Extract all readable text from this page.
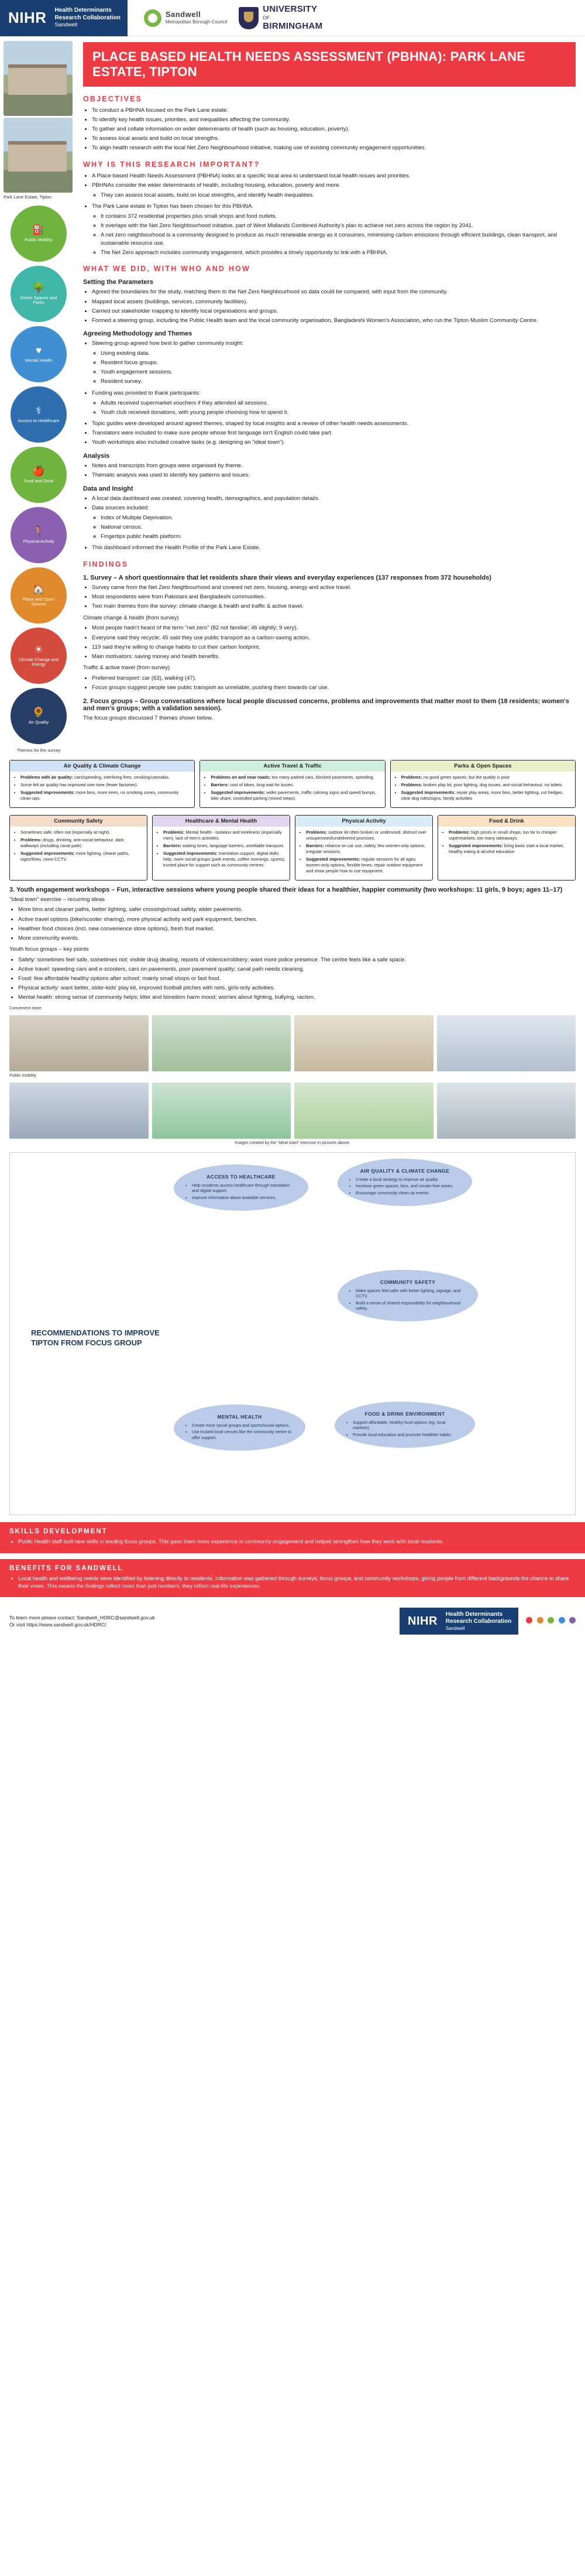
NIHR	Health Determinants
Research Collaboration
Sandwell
Sandwell
Metropolitan Borough Council
UNIVERSITY
OF
BIRMINGHAM
Park Lane Estate, Tipton
⛽
Public Mobility
🌳
Green Spaces and Parks
♥
Mental Health
⚕
Access to Healthcare
🍎
Food and Drink
🚶
Physical Activity
🏠
Place and Open Spaces
☀
Climate Change and Energy
🌻
Air Quality
Themes for the survey
PLACE BASED HEALTH NEEDS ASSESSMENT (PBHNA): PARK LANE ESTATE, TIPTON
OBJECTIVES
• To conduct a PBHNA focused on the Park Lane estate.
• To identify key health issues, priorities, and inequalities affecting the community.
• To gather and collate information on wider determinants of health (such as housing, education, poverty).
• To assess local assets and build on local strengths.
• To align health research with the local Net Zero Neighbourhood initiative, making use of existing community engagement opportunities.
WHY IS THIS RESEARCH IMPORTANT?
• A Place-based Health Needs Assessment (PBHNA) looks at a specific local area to understand local health issues and priorities.
• PBHNAs consider the wider determinants of health, including housing, education, poverty and more.
◦ They can assess local assets, build on local strengths, and identify health inequalities.
• The Park Lane estate in Tipton has been chosen for this PBHNA.
◦ It contains 372 residential properties plus small shops and food outlets.
◦ It overlaps with the Net Zero Neighbourhood initiative, part of West Midlands Combined Authority's plan to achieve net zero across the region by 2041.
◦ A net zero neighbourhood is a community designed to produce as much renewable energy as it consumes, minimising carbon emissions through efficient buildings, clean transport, and sustainable resource use.
◦ The Net Zero approach includes community engagement, which provides a timely opportunity to link with a PBHNA.
WHAT WE DID, WITH WHO AND HOW
Setting the Parameters
• Agreed the boundaries for the study, matching them to the Net Zero Neighbourhood so data could be compared, with input from the community.
• Mapped local assets (buildings, services, community facilities).
• Carried out stakeholder mapping to identify local organisations and groups.
• Formed a steering group, including the Public Health team and the local community organisation, Bangladeshi Women's Association, who run the Tipton Muslim Community Centre.
Agreeing Methodology and Themes
• Steering group agreed how best to gather community insight:
◦ Using existing data.
◦ Resident focus groups.
◦ Youth engagement sessions.
◦ Resident survey.
• Funding was provided to thank participants:
◦ Adults received supermarket vouchers if they attended all sessions.
◦ Youth club received donations, with young people choosing how to spend it.
• Topic guides were developed around agreed themes, shaped by local insights and a review of other health needs assessments.
• Translators were included to make sure people whose first language isn't English could take part.
• Youth workshops also included creative tasks (e.g. designing an "ideal town").
Analysis
• Notes and transcripts from groups were organised by theme.
• Thematic analysis was used to identify key patterns and issues.
Data and Insight
• A local data dashboard was created, covering health, demographics, and population details.
• Data sources included:
◦ Index of Multiple Deprivation.
◦ National census.
◦ Fingertips public health platform.
• This dashboard informed the Health Profile of the Park Lane Estate.
FINDINGS
1. Survey – A short questionnaire that let residents share their views and everyday experiences (137 responses from 372 households)
• Survey came from the Net Zero Neighbourhood and covered net zero, housing, energy and active travel.
• Most respondents were from Pakistani and Bangladeshi communities.
• Two main themes from the survey: climate change & health and traffic & active travel.

Climate change & health (from survey)

• Most people hadn't heard of the term "net zero" (82 not familiar; 46 slightly; 9 very).
• Everyone said they recycle; 45 said they use public transport as a carbon-saving action.
• 119 said they're willing to change habits to cut their carbon footprint.
• Main motivators: saving money and health benefits.

Traffic & active travel (from survey)

• Preferred transport: car (63), walking (47).
• Focus groups suggest people see public transport as unreliable, pushing them towards car use.
2. Focus groups – Group conversations where local people discussed concerns, problems and improvements that matter most to them (18 residents; women's and men's groups; with a validation session).

The focus groups discussed 7 themes shown below.

Air Quality & Climate Change
• Problems with air quality: cars/speeding, interlining fires, smoking/cannabis.
• Some felt air quality has improved over time (fewer factories).
• Suggested improvements: more bins, more trees, no smoking zones, community clean-ups.
Active Travel & Traffic
• Problems on and near roads: too many parked cars, blocked pavements, speeding.
• Barriers: cost of bikes, long wait for buses.
• Suggested improvements: wider pavements, traffic calming signs and speed bumps, bike share, controlled parking (mixed views).
Parks & Open Spaces
• Problems: no good green spaces, but the quality is poor
• Problems: broken play kit, poor lighting, dog issues, anti-social behaviour, no toilets.
• Suggested improvements: repair play areas, more bins, better lighting, cut hedges, clear dog rules/signs, family activities
Community Safety
• Sometimes safe, often not (especially at night).
• Problems: drugs, drinking, anti-social behaviour, dark walkways (including canal path).
• Suggested improvements: more lighting, clearer paths, signs/fines, more CCTV.
Healthcare & Mental Health
• Problems: Mental health - isolation and loneliness (especially men), lack of men's activities.
• Barriers: waiting times, language barriers, unreliable transport.
• Suggested improvements: translation support, digital skills help, more social groups (park events, coffee mornings, sports), trusted place for support such as community centres.
Physical Activity
• Problems: outdoor kit often broken or underused, distrust over unsupervised/undelivered promises.
• Barriers: reliance on car use, safety, few women-only options, irregular sessions.
• Suggested improvements: regular sessions for all ages, women-only options, flexible times, repair outdoor equipment and show people how to use equipment.
Food & Drink
• Problems: high prices in small shops, too far to cheaper supermarkets, too many takeaways.
• Suggested improvements: bring basic start a local market, healthy eating & alcohol education
3. Youth engagement workshops – Fun, interactive sessions where young people shared their ideas for a healthier, happier community (two workshops: 11 girls, 9 boys; ages 11–17)

"Ideal town" exercise – recurring ideas

• More bins and cleaner paths, better lighting, safer crossings/road safety, wider pavements.
• Active travel options (bike/scooter sharing), more physical activity and park equipment, benches.
• Healthier food choices (incl. new convenience store options), fresh fruit market.
• More community events.

Youth focus groups – key points

• Safety: sometimes feel safe, sometimes not; visible drug dealing, reports of violence/robbery; want more police presence. The centre feels like a safe space.
• Active travel: speeding cars and e-scooters, cars on pavements, poor pavement quality; canal path needs cleaning.
• Food: few affordable healthy options after school; mainly small shops or fast food.
• Physical activity: want better, older-kids' play kit, improved football pitches with nets, girls-only activities.
• Mental health: strong sense of community helps; litter and boredom harm mood; worries about fighting, bullying, racism.
Convenient store
Public mobility
Images created by the "ideal town" exercise in pictures above.
RECOMMENDATIONS TO IMPROVE TIPTON FROM FOCUS GROUP
ACCESS TO HEALTHCARE
• Help residents access healthcare through translation and digital support.
• Improve information about available services.
AIR QUALITY & CLIMATE CHANGE
• Create a local strategy to improve air quality.
• Increase green spaces, bins, and smoke-free zones.
• Encourage community clean-up events.
COMMUNITY SAFETY
• Make spaces feel safer with better lighting, signage, and CCTV.
• Build a sense of shared responsibility for neighbourhood safety.
MENTAL HEALTH
• Create more social groups and sports/social options.
• Use trusted local venues like the community centre to offer support.
FOOD & DRINK ENVIRONMENT
• Support affordable, healthy food options (eg. local markets).
• Provide local education and promote healthier habits.
SKILLS DEVELOPMENT
• Public Health staff built new skills in leading focus groups. This gave them more experience in community engagement and helped strengthen how they work with local residents.
BENEFITS FOR SANDWELL
• Local health and wellbeing needs were identified by listening directly to residents. Information was gathered through surveys, focus groups, and community workshops, giving people from different backgrounds the chance to share their views. This means the findings reflect more than just numbers; they reflect real-life experiences.
To learn more please contact: Sandwell_HDRC@sandwell.gov.uk
Or visit https://www.sandwell.gov.uk/HDRC/	NIHR
Health Determinants
Research Collaboration
Sandwell
